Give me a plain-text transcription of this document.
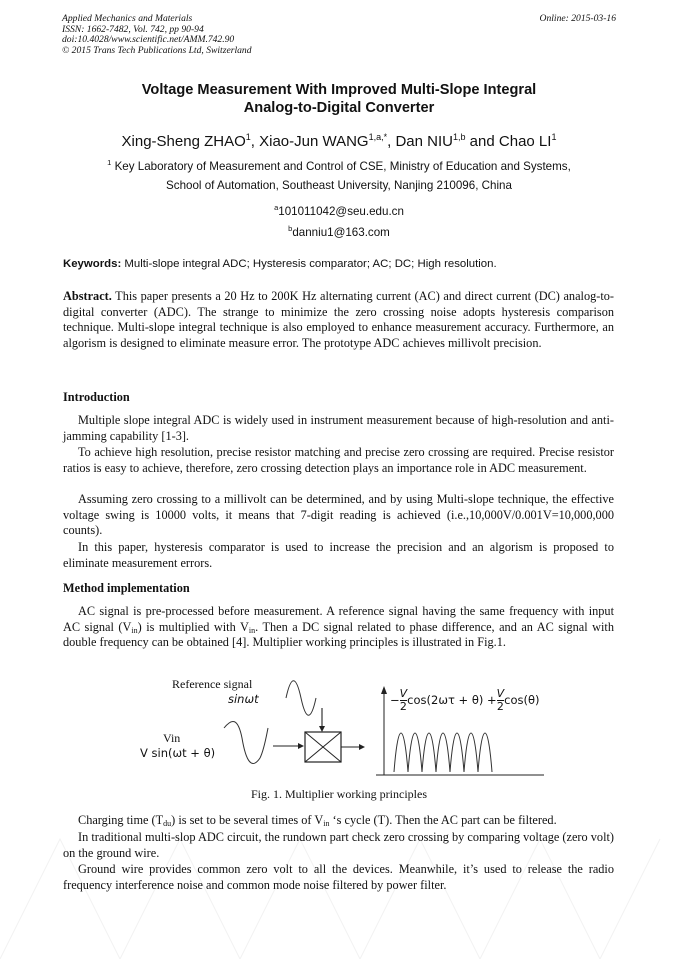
Applied Mechanics and Materials
ISSN: 1662-7482, Vol. 742, pp 90-94
doi:10.4028/www.scientific.net/AMM.742.90
© 2015 Trans Tech Publications Ltd, Switzerland
Online: 2015-03-16
Voltage Measurement With Improved Multi-Slope Integral
Analog-to-Digital Converter
Xing-Sheng ZHAO$^1$, Xiao-Jun $WANG^{1,a,*}$, Dan NIU$^{1,b}$ and Chao $LI^1$
$^1$ Key Laboratory of Measurement and Control of CSE, Ministry of Education and Systems,
School of Automation, Southeast University, Nanjing 210096, China
$^a$101011042@seu.edu.cn
$^b$danniu1@163.com
Keywords: Multi-slope integral ADC; Hysteresis comparator; AC; DC; High resolution.
Abstract. This paper presents a 20 Hz to 200K Hz alternating current (AC) and direct current (DC) analog-to-digital converter (ADC). The strange to minimize the zero crossing noise adopts hysteresis comparison technique. Multi-slope integral technique is also employed to enhance measurement accuracy. Furthermore, an algorism is designed to eliminate measure error. The prototype ADC achieves millivolt precision.
Introduction
Multiple slope integral ADC is widely used in instrument measurement because of high-resolution and anti-jamming capability [1-3].
To achieve high resolution, precise resistor matching and precise zero crossing are required. Precise resistor ratios is easy to achieve, therefore, zero crossing detection plays an importance role in ADC measurement.
Assuming zero crossing to a millivolt can be determined, and by using Multi-slope technique, the effective voltage swing is 10000 volts, it means that 7-digit reading is achieved (i.e.,10,000V/0.001V=10,000,000 counts).
In this paper, hysteresis comparator is used to increase the precision and an algorism is proposed to eliminate measurement errors.
Method implementation
AC signal is pre-processed before measurement. A reference signal having the same frequency with input AC signal $(V_{in})$ is multiplied with $V_{in}$. Then a DC signal related to phase difference, and an AC signal with double frequency can be obtained [4]. Multiplier working principles is illustrated in Fig.1.
Reference signal
sinωt
Vin
V sin(ωt + θ)
− $\frac{V}{2} \cos(2\omega\tau + \theta) + \frac{V}{2} \cos(\theta)$
Fig. 1. Multiplier working principles
Charging time $(T_{du})$ is set to be several times of $V_{in}$ ‘s cycle (T). Then the AC part can be filtered.
In traditional multi-slop ADC circuit, the rundown part check zero crossing by comparing voltage (zero volt) on the ground wire.
Ground wire provides common zero volt to all the devices. Meanwhile, it’s used to release the radio frequency interference noise and common mode noise filtered by power filter.
